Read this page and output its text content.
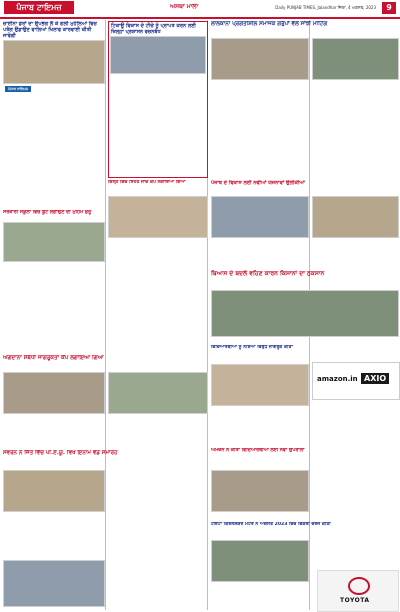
ਪੰਜਾਬ ਟਾਇਮਜ਼	ਅਸਥਾ ਮਾਲਾ	Daily PUNJAB TIMES, Jalandhar ਜਿਲਾ, 4 ਅਗਸਤ, 2023	9
ਚਾਈਨਾ ਡੋਰਾਂ ਦਾ ਉਪਭੋਗ ਲੈ ਕੇ ਗਲੀ ਮੁਹੱਲਿਆਂ ਵਿਚ ਪਤੰਗ ਉਡਾਉਣ ਵਾਲਿਆਂ ਖਿਲਾਫ ਕਾਰਵਾਈ ਕੀਤੀ ਜਾਵੇਗੀ
ਪੰਜਾਬ ਟਾਇਮਜ਼
ਟਿਕਾਊ ਵਿਕਾਸ ਦੇ ਟੀਚੇ ਨੂੰ ਪ੍ਰਾਪਤ ਕਰਨ ਲਈ ਜ਼ਿਲ੍ਹਾ ਪ੍ਰਸ਼ਾਸਨ ਵਚਨਬੱਧ
ਲਾਲਕਾਨਾ ਪ੍ਰਗਤੀਸ਼ੀਲ ਸਮਾਜਕ ਗਰੁੱਪਾਂ ਵੱਲੋਂ ਸਾਂਝੀ ਮੀਟਿੰਗ
ਸਰਕਾਰੀ ਸਕੂਲਾਂ ਵਿਚ ਬੂਟੇ ਲਗਾਉਣ ਦੀ ਮੁਹਿੰਮ ਸ਼ੁਰੂ
ਜ਼ਿਲ੍ਹੇ ਵਿੱਚ ਸਿਹਤ ਜਾਂਚ ਕੈਂਪ ਲਗਾਇਆ ਗਿਆ	ਪੰਜਾਬ ਦੇ ਵਿਕਾਸ ਲਈ ਨਵੀਆਂ ਯੋਜਨਾਵਾਂ ਉਲੀਕੀਆਂ
ਬਿਆਸ ਦੇ ਬਦਲੇ ਵਹਿਣ ਕਾਰਨ ਕਿਸਾਨਾਂ ਦਾ ਨੁਕਸਾਨ
ਅੰਗਦਾਨਾ ਸੰਬੰਧੀ ਜਾਗਰੂਕਤਾ ਕੈਂਪ ਲਗਾਇਆ ਗਿਆ
ਵਿਦਿਆਰਥੀਆਂ ਨੂੰ ਨਸ਼ਿਆਂ ਵਿਰੁੱਧ ਜਾਗਰੂਕ ਕੀਤਾ
ਸਵਰਨ ਨੇ ਜਿੱਤੇ ਵਿੱਚ ਪੀ.ਏ.ਯੂ. ਵਿਖੇ ਇਨਾਮ ਵੰਡ ਸਮਾਰੋਹ	ਅਮੇਜ਼ਨ ਨੇ ਕੀਤਾ ਵਿਦਿਆਰਥੀਆਂ ਲਈ ਨਵਾਂ ਉਪਰਾਲਾ
ਟੋਇਟਾ ਕਿਰਲੋਸਕਰ ਮੋਟਰ ਨੇ ਅਗਸਤ 2023 ਵਿੱਚ ਵਿਕਰੀ ਦਰਜ ਕੀਤੀ
amazon.in AXIO
TOYOTA
